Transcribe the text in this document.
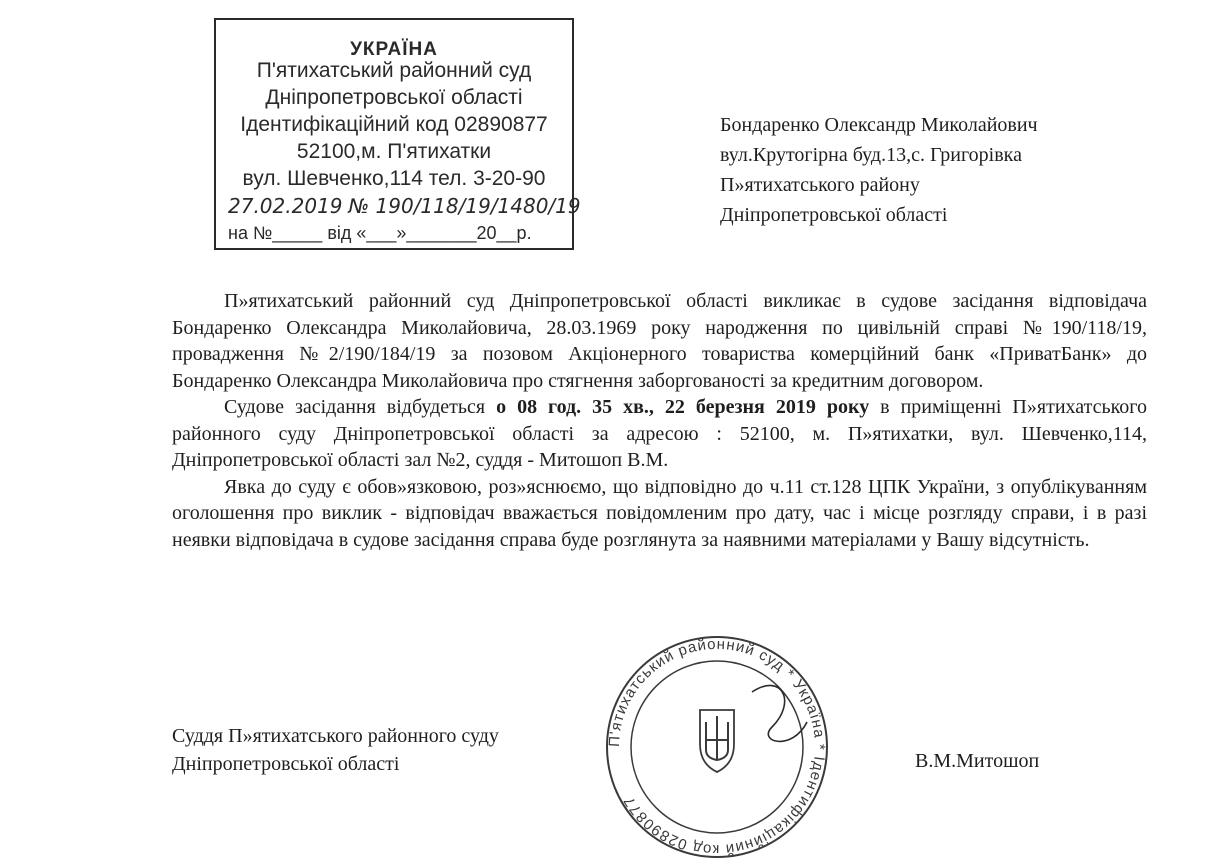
УКРАЇНА
П'ятихатський районний суд
Дніпропетровської області
Ідентифікаційний код 02890877
52100,м. П'ятихатки
вул. Шевченко,114 тел. 3-20-90
27.02.2019 № 190/118/19/1480/19
на №_____ від «___»_______20__р.
Бондаренко Олександр Миколайович
вул.Крутогірна буд.13,с. Григорівка
П»ятихатського району
Дніпропетровської області

П»ятихатський районний суд Дніпропетровської області викликає в судове засідання відповідача Бондаренко Олександра Миколайовича, 28.03.1969 року народження по цивільній справі №190/118/19, провадження №2/190/184/19 за позовом Акціонерного товариства комерційний банк «ПриватБанк» до Бондаренко Олександра Миколайовича про стягнення заборгованості за кредитним договором.

Судове засідання відбудеться о 08 год. 35 хв., 22 березня 2019 року в приміщенні П»ятихатського районного суду Дніпропетровської області за адресою : 52100, м. П»ятихатки, вул. Шевченко,114, Дніпропетровської області зал №2, суддя - Митошоп В.М.

Явка до суду є обов»язковою, роз»яснюємо, що відповідно до ч.11 ст.128 ЦПК України, з опублікуванням оголошення про виклик - відповідач вважається повідомленим про дату, час і місце розгляду справи, і в разі неявки відповідача в судове засідання справа буде розглянута за наявними матеріалами у Вашу відсутність.

П'ятихатський районний суд * Україна * Ідентифікаційний код 02890877
Суддя П»ятихатського районного суду
Дніпропетровської області	В.М.Митошоп
